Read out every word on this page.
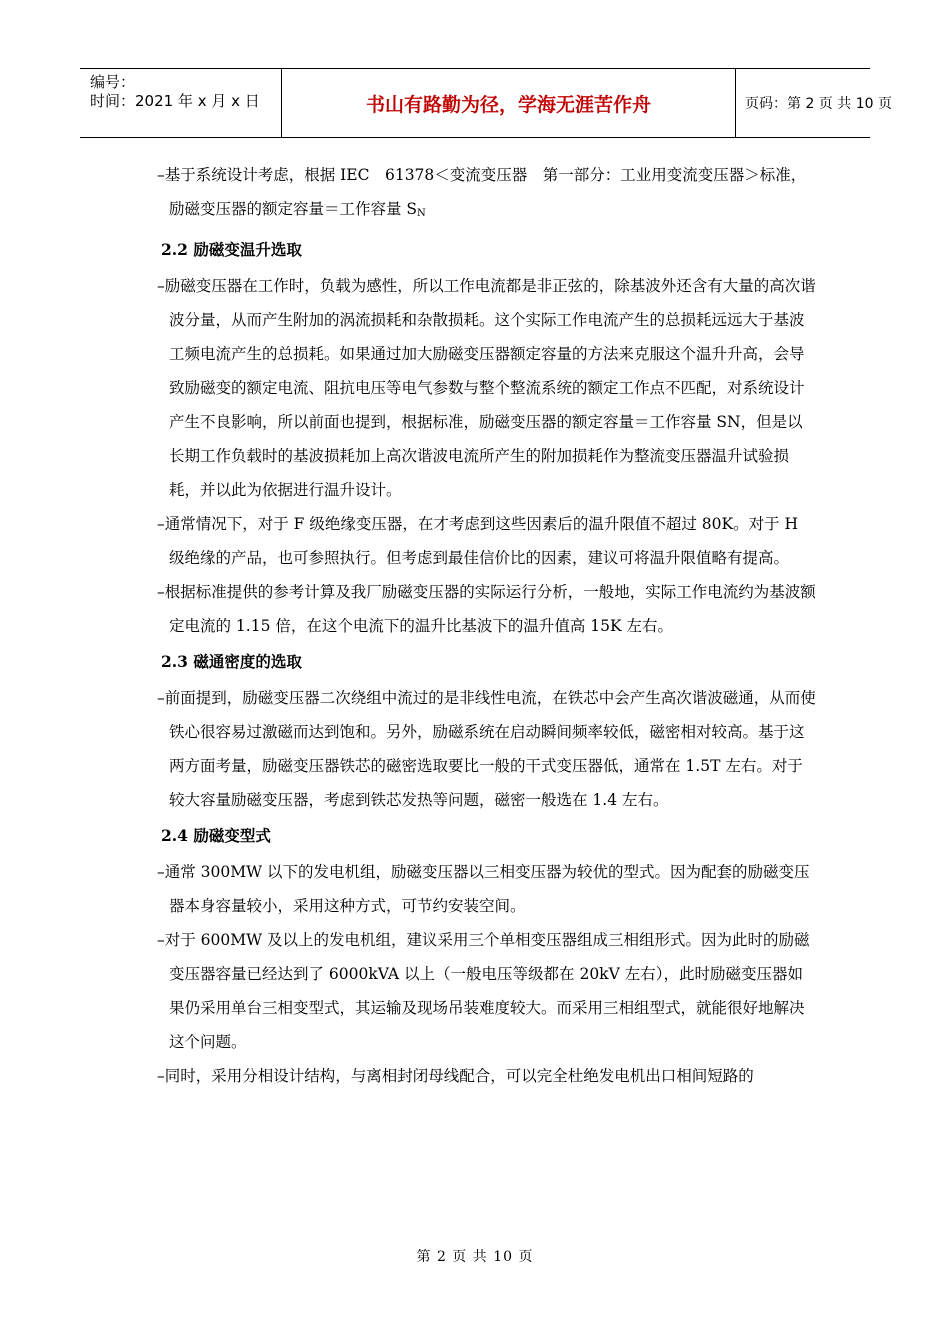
编号：
时间：2021 年 x 月 x 日	书山有路勤为径，学海无涯苦作舟	页码：第 2 页 共 10 页

–基于系统设计考虑，根据 IEC　61378＜变流变压器　第一部分：工业用变流变压器＞标准，励磁变压器的额定容量＝工作容量 $S_N$

2.2 励磁变温升选取

–励磁变压器在工作时，负载为感性，所以工作电流都是非正弦的，除基波外还含有大量的高次谐波分量，从而产生附加的涡流损耗和杂散损耗。这个实际工作电流产生的总损耗远远大于基波工频电流产生的总损耗。如果通过加大励磁变压器额定容量的方法来克服这个温升升高，会导致励磁变的额定电流、阻抗电压等电气参数与整个整流系统的额定工作点不匹配，对系统设计产生不良影响，所以前面也提到，根据标准，励磁变压器的额定容量＝工作容量 SN，但是以长期工作负载时的基波损耗加上高次谐波电流所产生的附加损耗作为整流变压器温升试验损耗，并以此为依据进行温升设计。

–通常情况下，对于 F 级绝缘变压器，在才考虑到这些因素后的温升限值不超过 80K。对于 H 级绝缘的产品，也可参照执行。但考虑到最佳信价比的因素，建议可将温升限值略有提高。

–根据标准提供的参考计算及我厂励磁变压器的实际运行分析，一般地，实际工作电流约为基波额定电流的 1.15 倍，在这个电流下的温升比基波下的温升值高 15K 左右。

2.3 磁通密度的选取

–前面提到，励磁变压器二次绕组中流过的是非线性电流，在铁芯中会产生高次谐波磁通，从而使铁心很容易过激磁而达到饱和。另外，励磁系统在启动瞬间频率较低，磁密相对较高。基于这两方面考量，励磁变压器铁芯的磁密选取要比一般的干式变压器低，通常在 1.5T 左右。对于较大容量励磁变压器，考虑到铁芯发热等问题，磁密一般选在 1.4 左右。

2.4 励磁变型式

–通常 300MW 以下的发电机组，励磁变压器以三相变压器为较优的型式。因为配套的励磁变压器本身容量较小，采用这种方式，可节约安装空间。

–对于 600MW 及以上的发电机组，建议采用三个单相变压器组成三相组形式。因为此时的励磁变压器容量已经达到了 6000kVA 以上（一般电压等级都在 20kV 左右），此时励磁变压器如果仍采用单台三相变型式，其运输及现场吊装难度较大。而采用三相组型式，就能很好地解决这个问题。

–同时，采用分相设计结构，与离相封闭母线配合，可以完全杜绝发电机出口相间短路的

第 2 页 共 10 页
